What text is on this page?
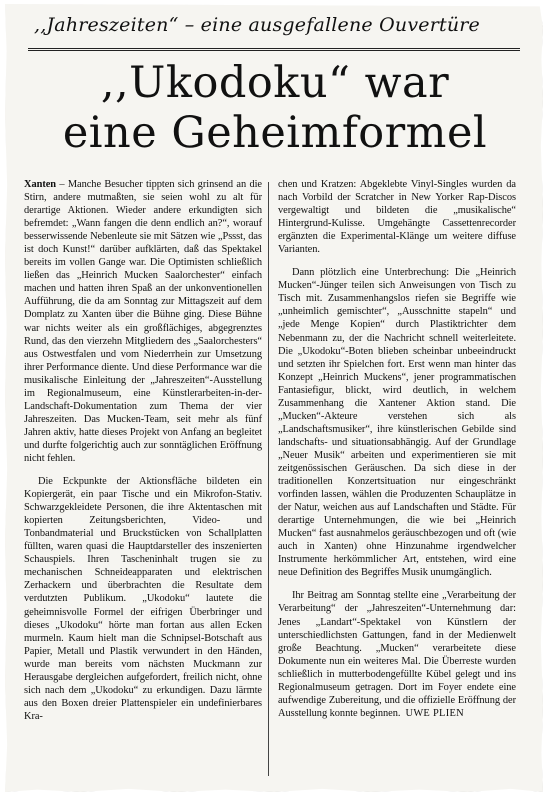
,,Jahreszeiten“ – eine ausgefallene Ouvertüre
,,Ukodoku“ war
eine Geheimformel

Xanten – Manche Besucher tippten sich grinsend an die Stirn, andere mutmaßten, sie seien wohl zu alt für derartige Aktionen. Wieder andere erkundigten sich befremdet: „Wann fangen die denn endlich an?“, worauf besserwissende Nebenleute sie mit Sätzen wie „Pssst, das ist doch Kunst!“ darüber aufklärten, daß das Spektakel bereits im vollen Gange war. Die Optimisten schließlich ließen das „Heinrich Mucken Saalorchester“ einfach machen und hatten ihren Spaß an der unkonventionellen Aufführung, die da am Sonntag zur Mittagszeit auf dem Domplatz zu Xanten über die Bühne ging. Diese Bühne war nichts weiter als ein großflächiges, abgegrenztes Rund, das den vierzehn Mitgliedern des „Saalorchesters“ aus Ostwestfalen und vom Niederrhein zur Umsetzung ihrer Performance diente. Und diese Performance war die musikalische Einleitung der „Jahreszeiten“-Ausstellung im Regionalmuseum, eine Künstlerarbeiten-in-der-Landschaft-Dokumentation zum Thema der vier Jahreszeiten. Das Mucken-Team, seit mehr als fünf Jahren aktiv, hatte dieses Projekt von Anfang an begleitet und durfte folgerichtig auch zur sonntäglichen Eröffnung nicht fehlen.

Die Eckpunkte der Aktionsfläche bildeten ein Kopiergerät, ein paar Tische und ein Mikrofon-Stativ. Schwarzgekleidete Personen, die ihre Aktentaschen mit kopierten Zeitungsberichten, Video- und Tonbandmaterial und Bruckstücken von Schallplatten füllten, waren quasi die Hauptdarsteller des inszenierten Schauspiels. Ihren Tascheninhalt trugen sie zu mechanischen Schneideapparaten und elektrischen Zerhackern und überbrachten die Resultate dem verdutzten Publikum. „Ukodoku“ lautete die geheimnisvolle Formel der eifrigen Überbringer und dieses „Ukodoku“ hörte man fortan aus allen Ecken murmeln. Kaum hielt man die Schnipsel-Botschaft aus Papier, Metall und Plastik verwundert in den Händen, wurde man bereits vom nächsten Muckmann zur Herausgabe dergleichen aufgefordert, freilich nicht, ohne sich nach dem „Ukodoku“ zu erkundigen. Dazu lärmte aus den Boxen dreier Plattenspieler ein undefinierbares Kra-

chen und Kratzen: Abgeklebte Vinyl-Singles wurden da nach Vorbild der Scratcher in New Yorker Rap-Discos vergewaltigt und bildeten die „musikalische“ Hintergrund-Kulisse. Umgehängte Cassettenrecorder ergänzten die Experimental-Klänge um weitere diffuse Varianten.

Dann plötzlich eine Unterbrechung: Die „Heinrich Mucken“-Jünger teilen sich Anweisungen von Tisch zu Tisch mit. Zusammenhangslos riefen sie Begriffe wie „unheimlich gemischter“, „Ausschnitte stapeln“ und „jede Menge Kopien“ durch Plastiktrichter dem Nebenmann zu, der die Nachricht schnell weiterleitete. Die „Ukodoku“-Boten blieben scheinbar unbeeindruckt und setzten ihr Spielchen fort. Erst wenn man hinter das Konzept „Heinrich Muckens“, jener programmatischen Fantasiefigur, blickt, wird deutlich, in welchem Zusammenhang die Xantener Aktion stand. Die „Mucken“-Akteure verstehen sich als „Landschaftsmusiker“, ihre künstlerischen Gebilde sind landschafts- und situationsabhängig. Auf der Grundlage „Neuer Musik“ arbeiten und experimentieren sie mit zeitgenössischen Geräuschen. Da sich diese in der traditionellen Konzertsituation nur eingeschränkt vorfinden lassen, wählen die Produzenten Schauplätze in der Natur, weichen aus auf Landschaften und Städte. Für derartige Unternehmungen, die wie bei „Heinrich Mucken“ fast ausnahmelos geräuschbezogen und oft (wie auch in Xanten) ohne Hinzunahme irgendwelcher Instrumente herkömmlicher Art, entstehen, wird eine neue Definition des Begriffes Musik unumgänglich.

Ihr Beitrag am Sonntag stellte eine „Verarbeitung der Verarbeitung“ der „Jahreszeiten“-Unternehmung dar: Jenes „Landart“-Spektakel von Künstlern der unterschiedlichsten Gattungen, fand in der Medienwelt große Beachtung. „Mucken“ verarbeitete diese Dokumente nun ein weiteres Mal. Die Überreste wurden schließlich in mutterbodengefüllte Kübel gelegt und ins Regionalmuseum getragen. Dort im Foyer endete eine aufwendige Zubereitung, und die offizielle Eröffnung der Ausstellung konnte beginnen. UWE PLIEN
